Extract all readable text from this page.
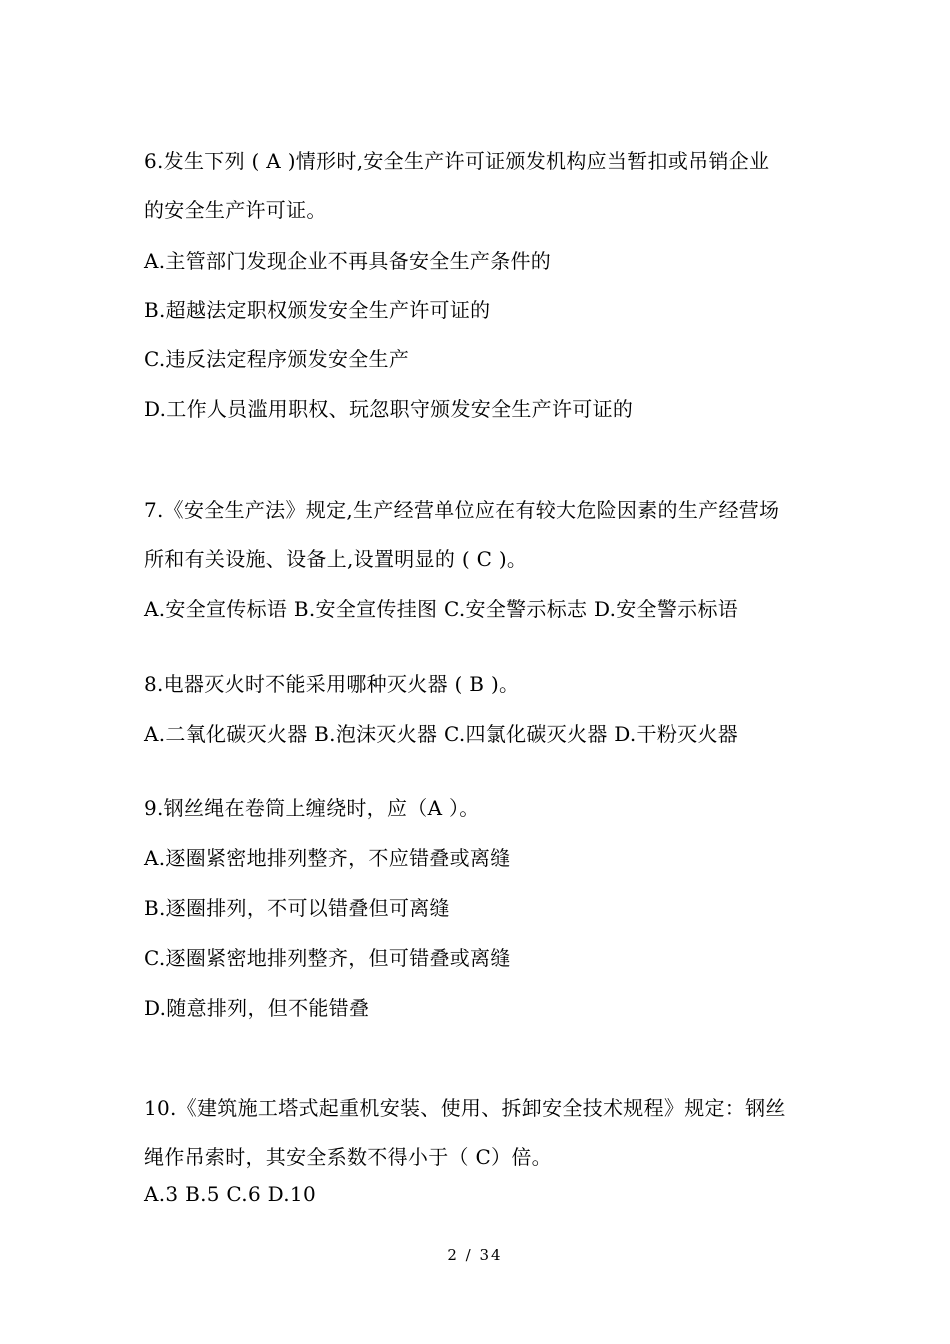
6.发生下列 ( A )情形时,安全生产许可证颁发机构应当暂扣或吊销企业

的安全生产许可证。

A.主管部门发现企业不再具备安全生产条件的

B.超越法定职权颁发安全生产许可证的

C.违反法定程序颁发安全生产

D.工作人员滥用职权、玩忽职守颁发安全生产许可证的

7.《安全生产法》规定,生产经营单位应在有较大危险因素的生产经营场

所和有关设施、设备上,设置明显的 ( C )。

A.安全宣传标语 B.安全宣传挂图 C.安全警示标志 D.安全警示标语

8.电器灭火时不能采用哪种灭火器 ( B )。

A.二氧化碳灭火器 B.泡沫灭火器 C.四氯化碳灭火器 D.干粉灭火器

9.钢丝绳在卷筒上缠绕时，应（A ）。

A.逐圈紧密地排列整齐，不应错叠或离缝

B.逐圈排列，不可以错叠但可离缝

C.逐圈紧密地排列整齐，但可错叠或离缝

D.随意排列，但不能错叠

10.《建筑施工塔式起重机安装、使用、拆卸安全技术规程》规定：钢丝

绳作吊索时，其安全系数不得小于（ C）倍。

A.3 B.5 C.6 D.10

2 / 34
